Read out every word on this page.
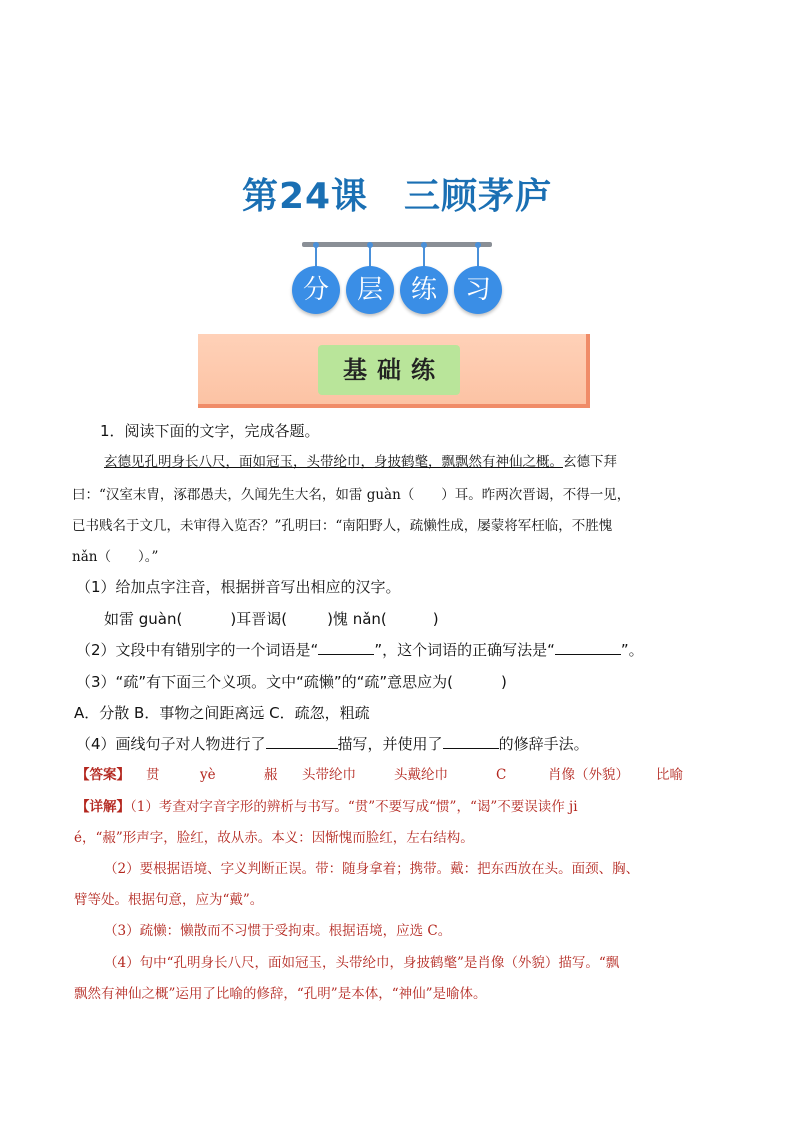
第24课 三顾茅庐
分	层	练	习
基础练
1．阅读下面的文字，完成各题。
玄德见孔明身长八尺，面如冠玉，头带纶巾，身披鹤氅，飘飘然有神仙之概。玄德下拜
曰：“汉室末胄，涿郡愚夫，久闻先生大名，如雷 guàn（　　）耳。昨两次晋谒，不得一见，
已书贱名于文几，未审得入览否？”孔明曰：“南阳野人，疏懒性成，屡蒙将军枉临，不胜愧
nǎn（　　）。”
（1）给加点字注音，根据拼音写出相应的汉字。
如雷 guàn(	)耳晋谒(	)愧 nǎn(	)
（2）文段中有错别字的一个词语是“	”，这个词语的正确写法是“	”。
（3）“疏”有下面三个义项。文中“疏懒”的“疏”意思应为(	)
A．分散 B．事物之间距离远 C．疏忽，粗疏
（4）画线句子对人物进行了	描写，并使用了	的修辞手法。
【答案】 贯	yè	赧 头带纶巾	头戴纶巾	C	肖像（外貌） 比喻
【详解】（1）考查对字音字形的辨析与书写。“贯”不要写成“惯”，“谒”不要误读作 ji
é，“赧”形声字，脸红，故从赤。本义：因惭愧而脸红，左右结构。
（2）要根据语境、字义判断正误。带：随身拿着；携带。戴：把东西放在头。面颈、胸、
臂等处。根据句意，应为“戴”。
（3）疏懒：懒散而不习惯于受拘束。根据语境，应选 C。
（4）句中“孔明身长八尺，面如冠玉，头带纶巾，身披鹤氅”是肖像（外貌）描写。“飘
飘然有神仙之概”运用了比喻的修辞，“孔明”是本体，“神仙”是喻体。
